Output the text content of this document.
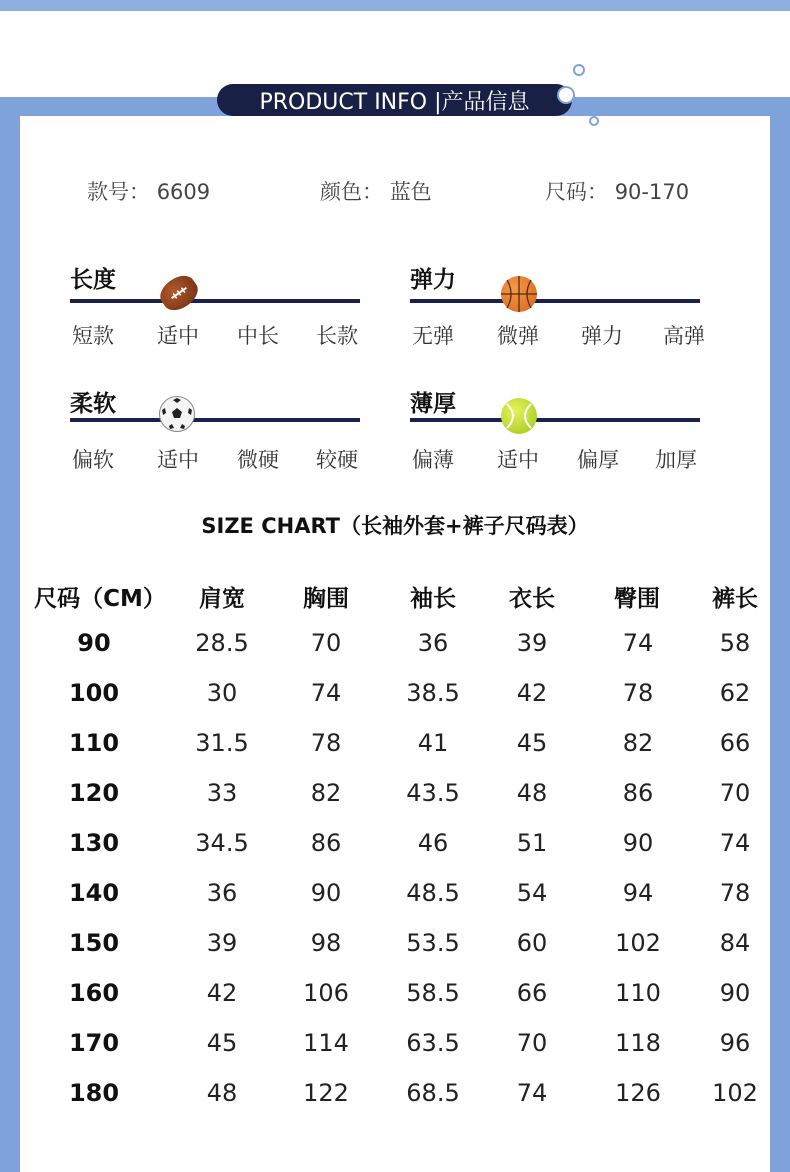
PRODUCT INFO |产品信息
款号： 6609	颜色： 蓝色	尺码： 90-170
长度
短款	适中	中长	长款
弹力
无弹	微弹	弹力	高弹
柔软
偏软	适中	微硬	较硬
薄厚
偏薄	适中	偏厚	加厚
SIZE CHART（长袖外套+裤子尺码表）
尺码（CM）	肩宽	胸围	袖长	衣长	臀围	裤长
90	28.5	70	36	39	74	58
100	30	74	38.5	42	78	62
110	31.5	78	41	45	82	66
120	33	82	43.5	48	86	70
130	34.5	86	46	51	90	74
140	36	90	48.5	54	94	78
150	39	98	53.5	60	102	84
160	42	106	58.5	66	110	90
170	45	114	63.5	70	118	96
180	48	122	68.5	74	126	102
